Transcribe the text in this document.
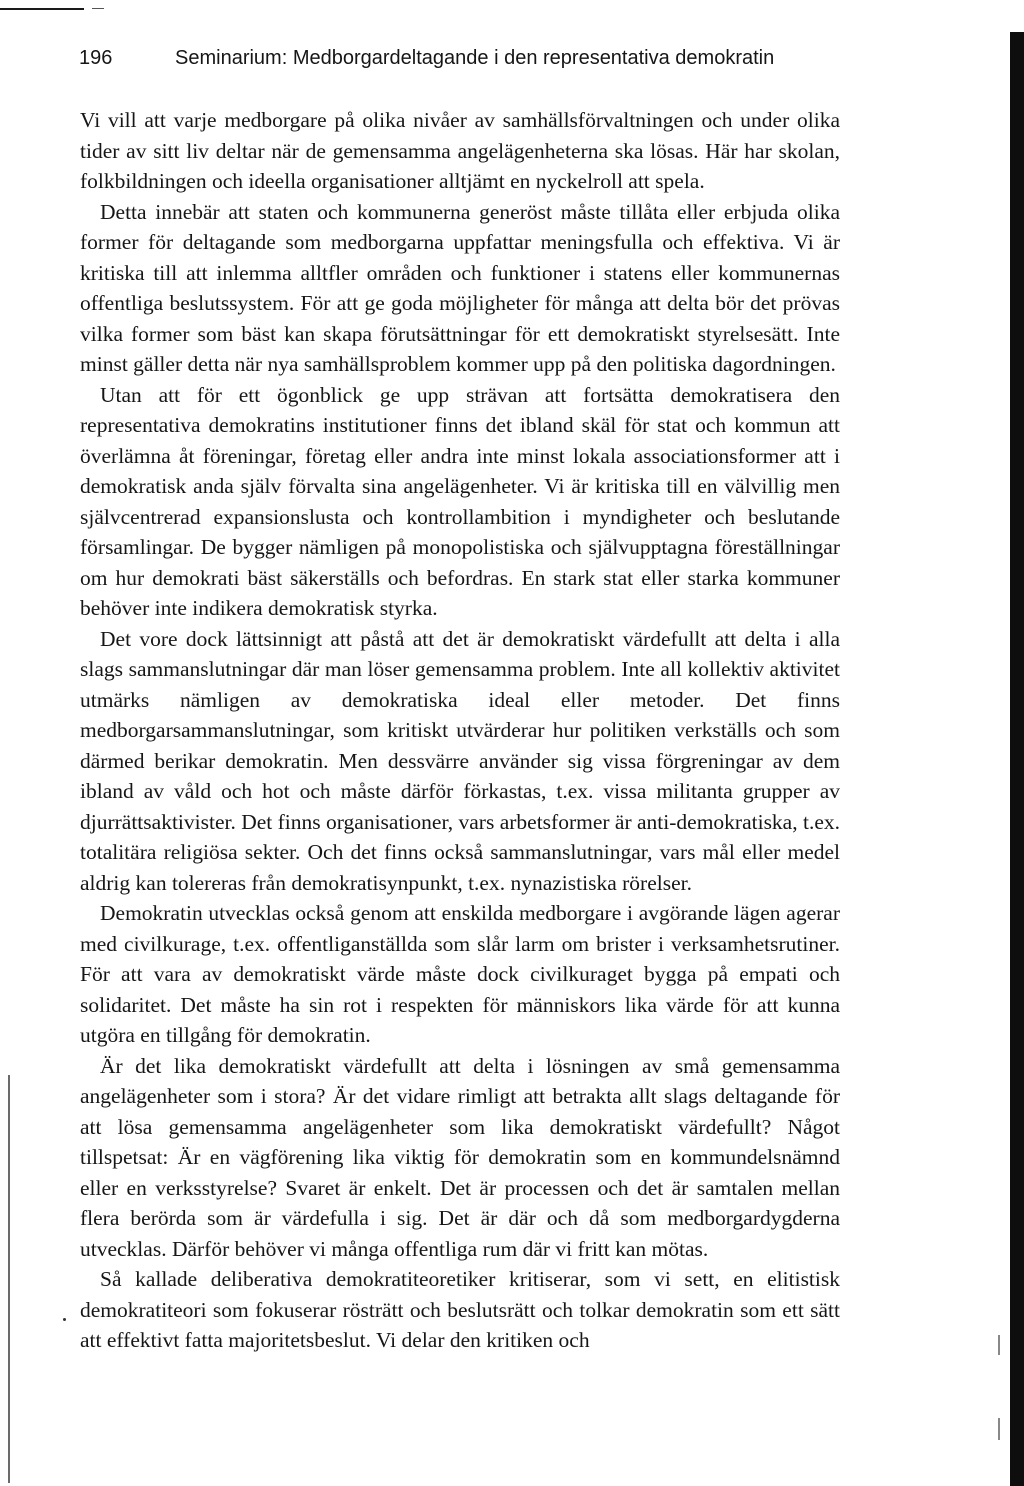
196	Seminarium: Medborgardeltagande i den representativa demokratin

Vi vill att varje medborgare på olika nivåer av samhällsförvaltningen och under olika tider av sitt liv deltar när de gemensamma angelägenheterna ska lösas. Här har skolan, folkbildningen och ideella organisationer alltjämt en nyckelroll att spela.

Detta innebär att staten och kommunerna generöst måste tillåta eller erbjuda olika former för deltagande som medborgarna uppfattar meningsfulla och effektiva. Vi är kritiska till att inlemma alltfler områden och funktioner i statens eller kommunernas offentliga beslutssystem. För att ge goda möjligheter för många att delta bör det prövas vilka former som bäst kan skapa förutsättningar för ett demokratiskt styrelsesätt. Inte minst gäller detta när nya samhällsproblem kommer upp på den politiska dagordningen.

Utan att för ett ögonblick ge upp strävan att fortsätta demokratisera den representativa demokratins institutioner finns det ibland skäl för stat och kommun att överlämna åt föreningar, företag eller andra inte minst lokala associationsformer att i demokratisk anda själv förvalta sina angelägenheter. Vi är kritiska till en välvillig men självcentrerad expansionslusta och kontrollambition i myndigheter och beslutande församlingar. De bygger nämligen på monopolistiska och självupptagna föreställningar om hur demokrati bäst säkerställs och befordras. En stark stat eller starka kommuner behöver inte indikera demokratisk styrka.

Det vore dock lättsinnigt att påstå att det är demokratiskt värdefullt att delta i alla slags sammanslutningar där man löser gemensamma problem. Inte all kollektiv aktivitet utmärks nämligen av demokratiska ideal eller metoder. Det finns medborgarsammanslutningar, som kritiskt utvärderar hur politiken verkställs och som därmed berikar demokratin. Men dessvärre använder sig vissa förgreningar av dem ibland av våld och hot och måste därför förkastas, t.ex. vissa militanta grupper av djurrättsaktivister. Det finns organisationer, vars arbetsformer är anti-demokratiska, t.ex. totalitära religiösa sekter. Och det finns också sammanslutningar, vars mål eller medel aldrig kan tolereras från demokratisynpunkt, t.ex. nynazistiska rörelser.

Demokratin utvecklas också genom att enskilda medborgare i avgörande lägen agerar med civilkurage, t.ex. offentliganställda som slår larm om brister i verksamhetsrutiner. För att vara av demokratiskt värde måste dock civilkuraget bygga på empati och solidaritet. Det måste ha sin rot i respekten för människors lika värde för att kunna utgöra en tillgång för demokratin.

Är det lika demokratiskt värdefullt att delta i lösningen av små gemensamma angelägenheter som i stora? Är det vidare rimligt att betrakta allt slags deltagande för att lösa gemensamma angelägenheter som lika demokratiskt värdefullt? Något tillspetsat: Är en vägförening lika viktig för demokratin som en kommundelsnämnd eller en verksstyrelse? Svaret är enkelt. Det är processen och det är samtalen mellan flera berörda som är värdefulla i sig. Det är där och då som medborgardygderna utvecklas. Därför behöver vi många offentliga rum där vi fritt kan mötas.

Så kallade deliberativa demokratiteoretiker kritiserar, som vi sett, en elitistisk demokratiteori som fokuserar rösträtt och beslutsrätt och tolkar demokratin som ett sätt att effektivt fatta majoritetsbeslut. Vi delar den kritiken och
